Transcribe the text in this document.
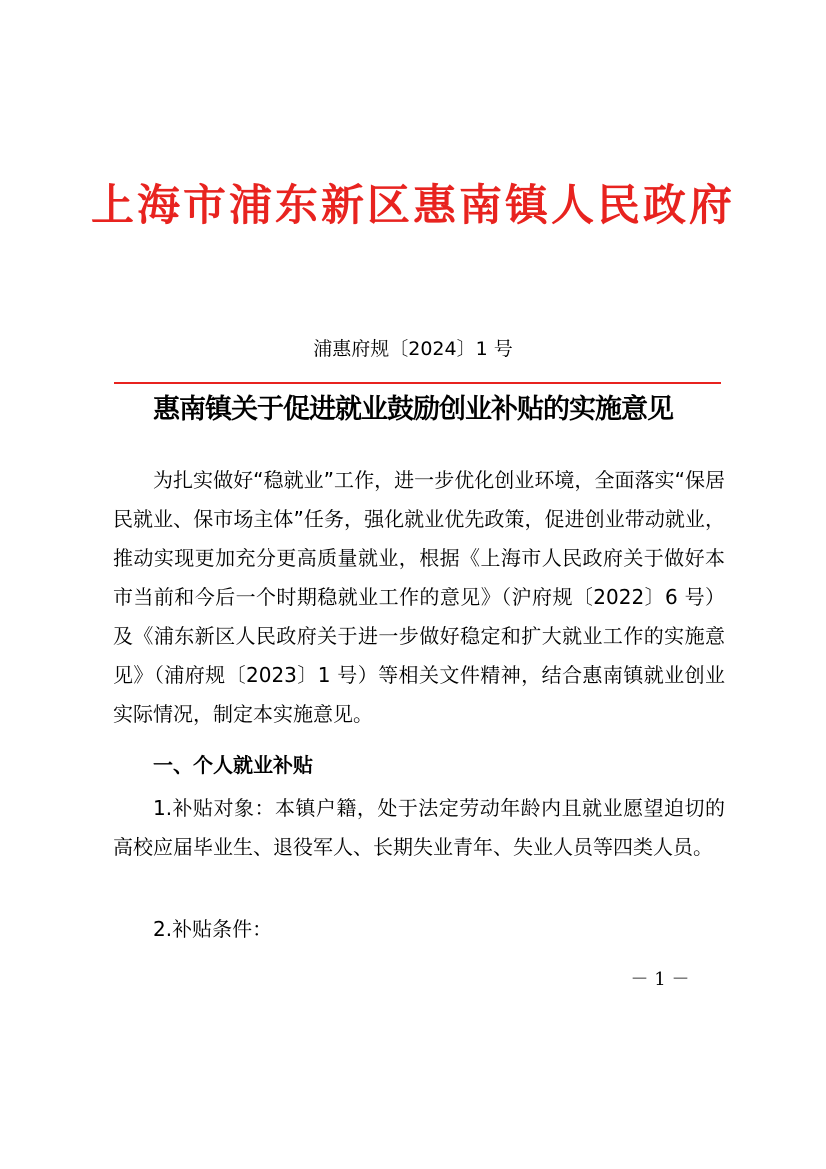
上海市浦东新区惠南镇人民政府
浦惠府规〔2024〕1 号
惠南镇关于促进就业鼓励创业补贴的实施意见

为扎实做好“稳就业”工作，进一步优化创业环境，全面落实“保居民就业、保市场主体”任务，强化就业优先政策，促进创业带动就业，推动实现更加充分更高质量就业，根据《上海市人民政府关于做好本市当前和今后一个时期稳就业工作的意见》（沪府规〔2022〕6 号）及《浦东新区人民政府关于进一步做好稳定和扩大就业工作的实施意见》（浦府规〔2023〕1 号）等相关文件精神，结合惠南镇就业创业实际情况，制定本实施意见。

一、个人就业补贴

1.补贴对象：本镇户籍，处于法定劳动年龄内且就业愿望迫切的高校应届毕业生、退役军人、长期失业青年、失业人员等四类人员。

2.补贴条件：

－ 1 －
